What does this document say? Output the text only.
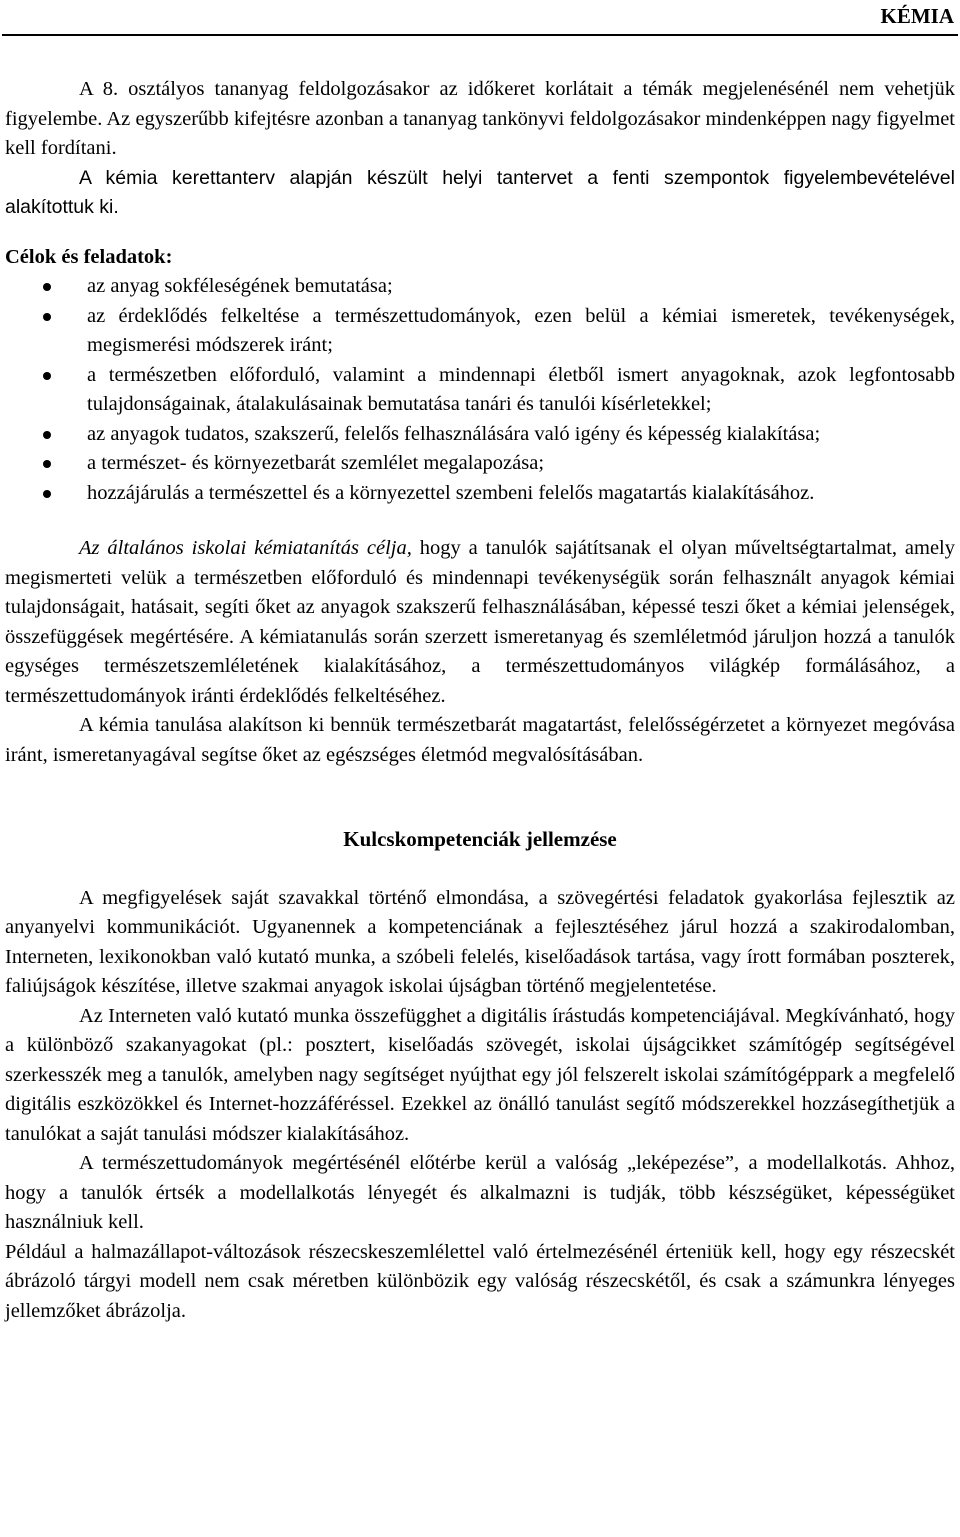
KÉMIA

A 8. osztályos tananyag feldolgozásakor az időkeret korlátait a témák megjelenésénél nem vehetjük figyelembe. Az egyszerűbb kifejtésre azonban a tananyag tankönyvi feldolgozásakor mindenképpen nagy figyelmet kell fordítani.

A kémia kerettanterv alapján készült helyi tantervet a fenti szempontok figyelembevételével alakítottuk ki.

Célok és feladatok:
az anyag sokféleségének bemutatása;
az érdeklődés felkeltése a természettudományok, ezen belül a kémiai ismeretek, tevékenységek, megismerési módszerek iránt;
a természetben előforduló, valamint a mindennapi életből ismert anyagoknak, azok legfontosabb tulajdonságainak, átalakulásainak bemutatása tanári és tanulói kísérletekkel;
az anyagok tudatos, szakszerű, felelős felhasználására való igény és képesség kialakítása;
a természet- és környezetbarát szemlélet megalapozása;
hozzájárulás a természettel és a környezettel szembeni felelős magatartás kialakításához.

Az általános iskolai kémiatanítás célja, hogy a tanulók sajátítsanak el olyan műveltségtartalmat, amely megismerteti velük a természetben előforduló és mindennapi tevékenységük során felhasznált anyagok kémiai tulajdonságait, hatásait, segíti őket az anyagok szakszerű felhasználásában, képessé teszi őket a kémiai jelenségek, összefüggések megértésére. A kémiatanulás során szerzett ismeretanyag és szemléletmód járuljon hozzá a tanulók egységes természetszemléletének kialakításához, a természettudományos világkép formálásához, a természettudományok iránti érdeklődés felkeltéséhez.

A kémia tanulása alakítson ki bennük természetbarát magatartást, felelősségérzetet a környezet megóvása iránt, ismeretanyagával segítse őket az egészséges életmód megvalósításában.

Kulcskompetenciák jellemzése

A megfigyelések saját szavakkal történő elmondása, a szövegértési feladatok gyakorlása fejlesztik az anyanyelvi kommunikációt. Ugyanennek a kompetenciának a fejlesztéséhez járul hozzá a szakirodalomban, Interneten, lexikonokban való kutató munka, a szóbeli felelés, kiselőadások tartása, vagy írott formában poszterek, faliújságok készítése, illetve szakmai anyagok iskolai újságban történő megjelentetése.

Az Interneten való kutató munka összefügghet a digitális írástudás kompetenciájával. Megkívánható, hogy a különböző szakanyagokat (pl.: posztert, kiselőadás szövegét, iskolai újságcikket számítógép segítségével szerkesszék meg a tanulók, amelyben nagy segítséget nyújthat egy jól felszerelt iskolai számítógéppark a megfelelő digitális eszközökkel és Internet-hozzáféréssel. Ezekkel az önálló tanulást segítő módszerekkel hozzásegíthetjük a tanulókat a saját tanulási módszer kialakításához.

A természettudományok megértésénél előtérbe kerül a valóság „leképezése”, a modellalkotás. Ahhoz, hogy a tanulók értsék a modellalkotás lényegét és alkalmazni is tudják, több készségüket, képességüket használniuk kell.

Például a halmazállapot-változások részecskeszemlélettel való értelmezésénél érteniük kell, hogy egy részecskét ábrázoló tárgyi modell nem csak méretben különbözik egy valóság részecskétől, és csak a számunkra lényeges jellemzőket ábrázolja.
